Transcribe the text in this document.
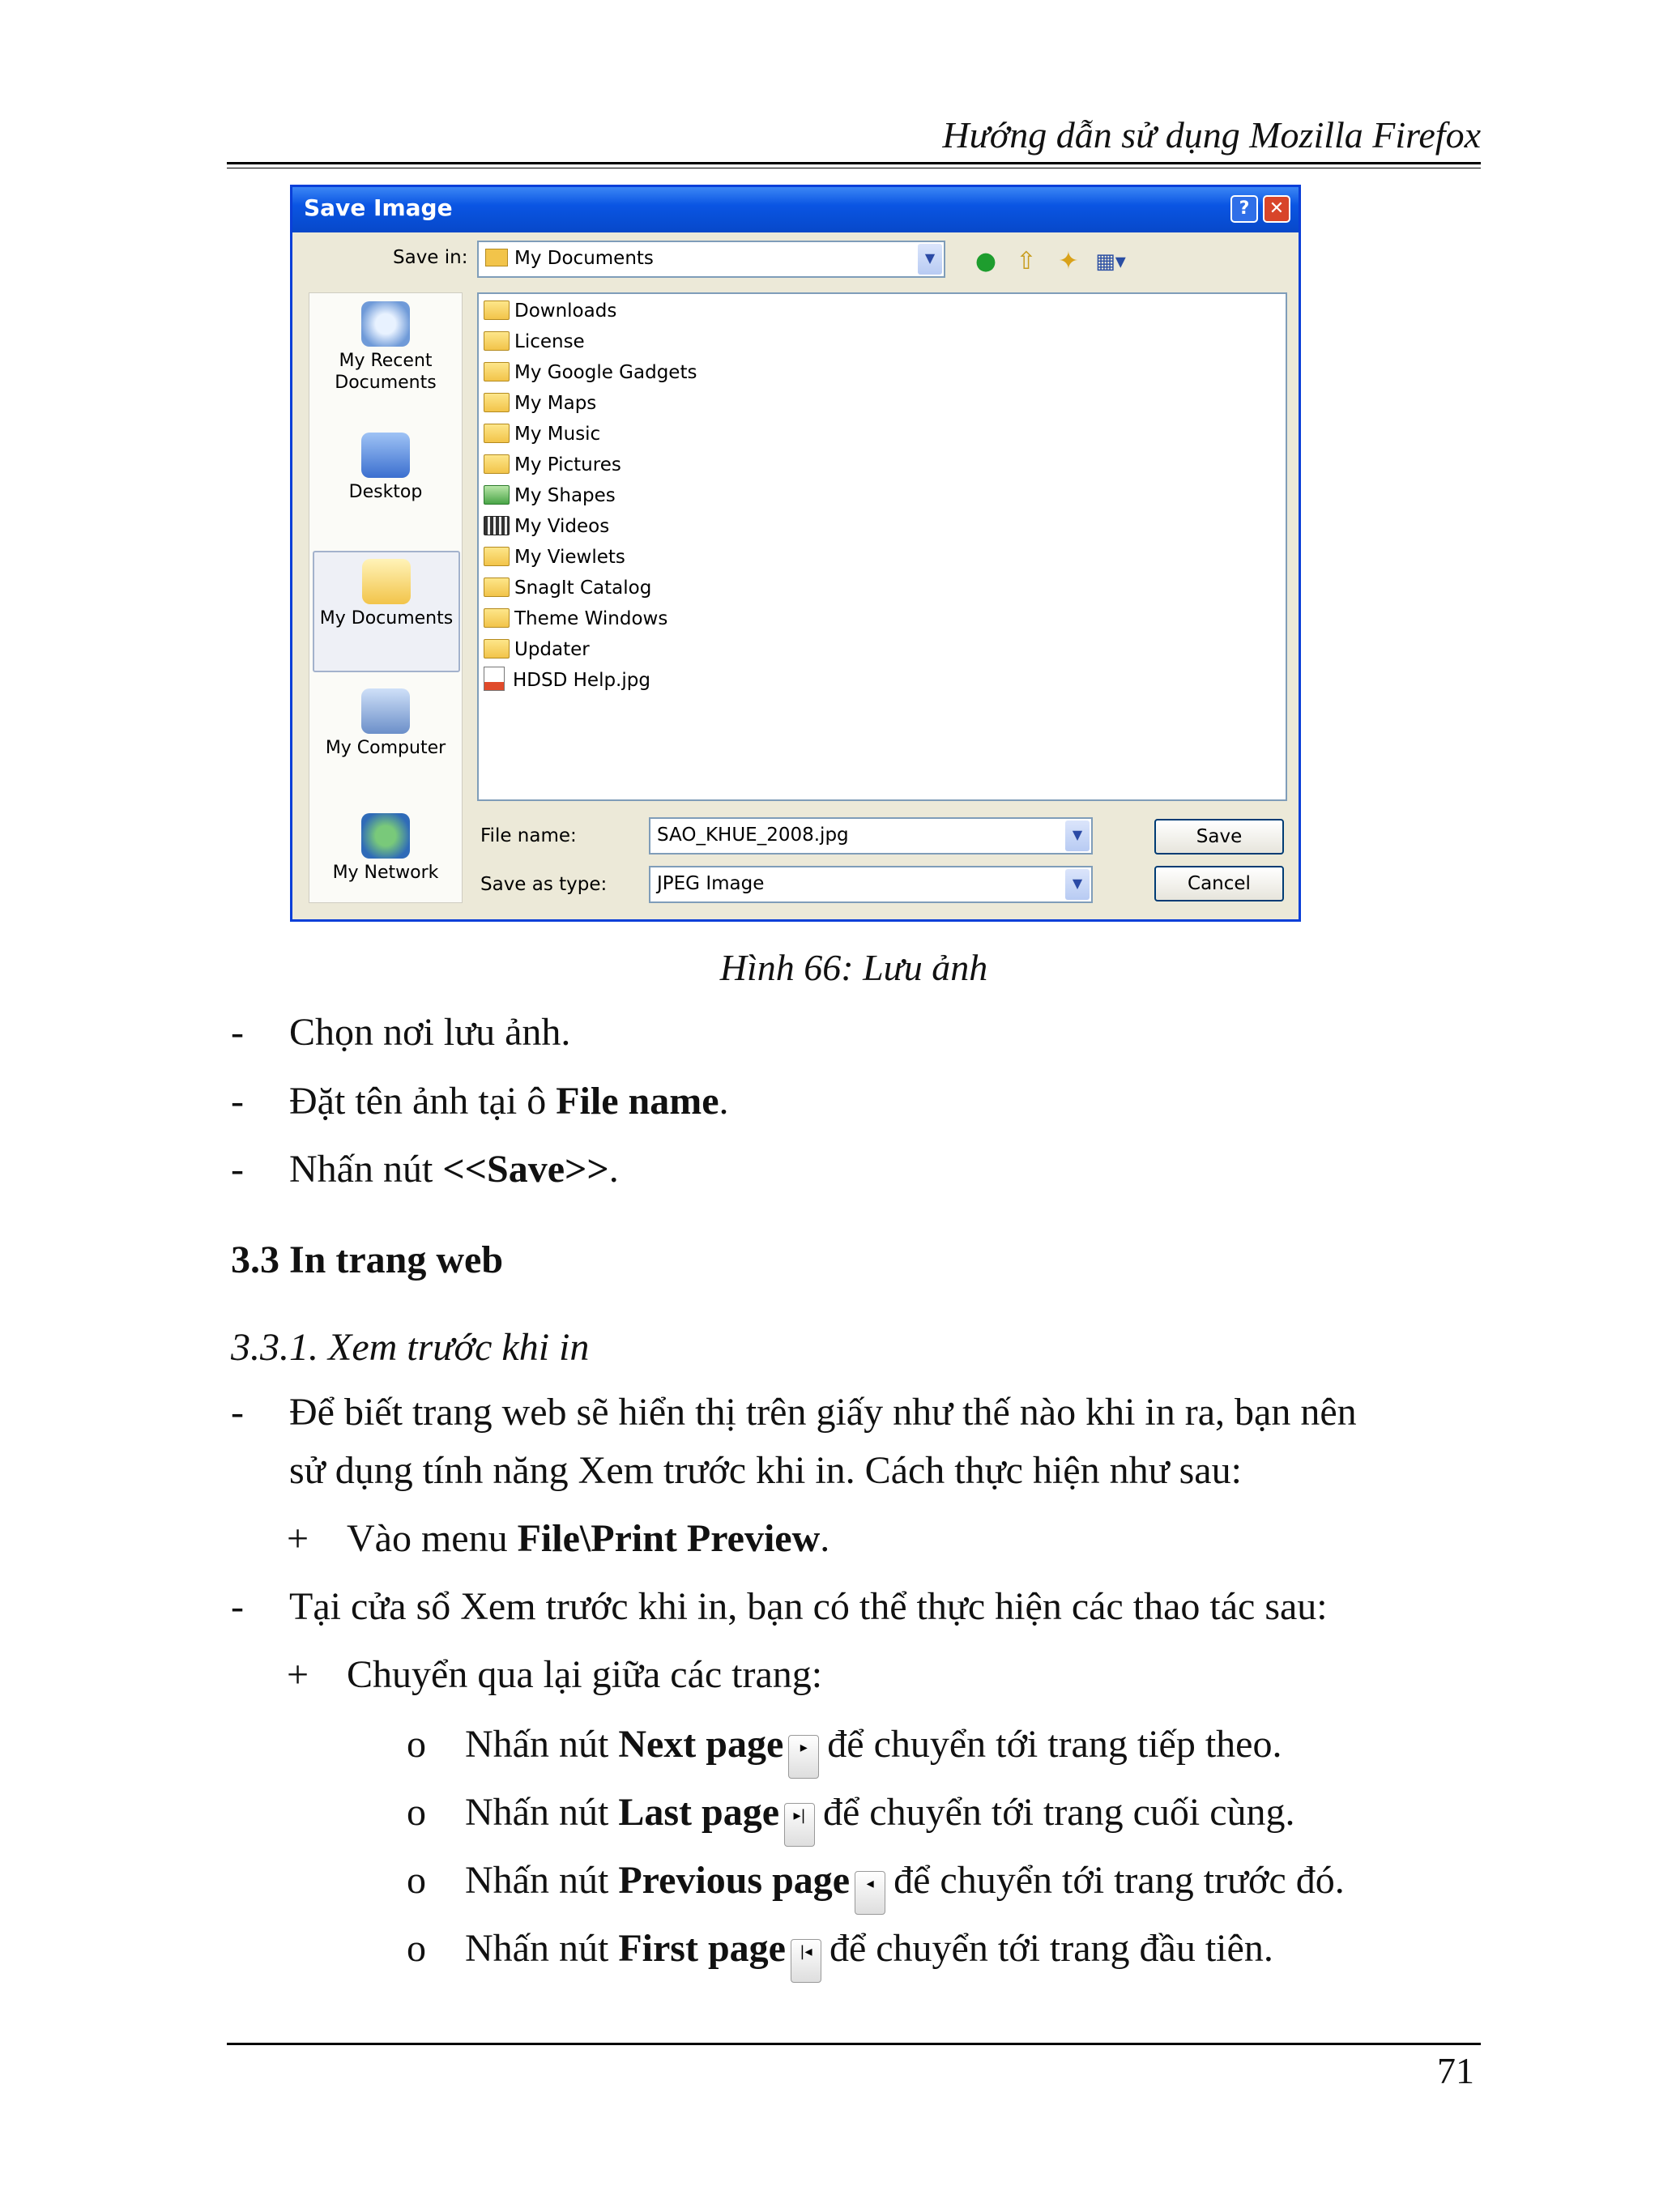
Hướng dẫn sử dụng Mozilla Firefox
Save Image	?	✕
Save in:	My Documents	▼ ● ⇧ ✦ ▦▾
My Recent Documents
Desktop
My Documents
My Computer
My Network
Downloads
License
My Google Gadgets
My Maps
My Music
My Pictures
My Shapes
My Videos
My Viewlets
SnagIt Catalog
Theme Windows
Updater
HDSD Help.jpg
File name:	SAO_KHUE_2008.jpg	▼
Save as type:	JPEG Image	▼
Save
Cancel
Hình 66: Lưu ảnh
- Chọn nơi lưu ảnh.
- Đặt tên ảnh tại ô File name.
- Nhấn nút <<Save>>.
3.3 In trang web
3.3.1. Xem trước khi in
- Để biết trang web sẽ hiển thị trên giấy như thế nào khi in ra, bạn nên
sử dụng tính năng Xem trước khi in. Cách thực hiện như sau:
+ Vào menu File\Print Preview.
- Tại cửa sổ Xem trước khi in, bạn có thể thực hiện các thao tác sau:
+ Chuyển qua lại giữa các trang:
o Nhấn nút Next page ▸ để chuyển tới trang tiếp theo.
o Nhấn nút Last page ▸| để chuyển tới trang cuối cùng.
o Nhấn nút Previous page ◂ để chuyển tới trang trước đó.
o Nhấn nút First page |◂ để chuyển tới trang đầu tiên.
71
